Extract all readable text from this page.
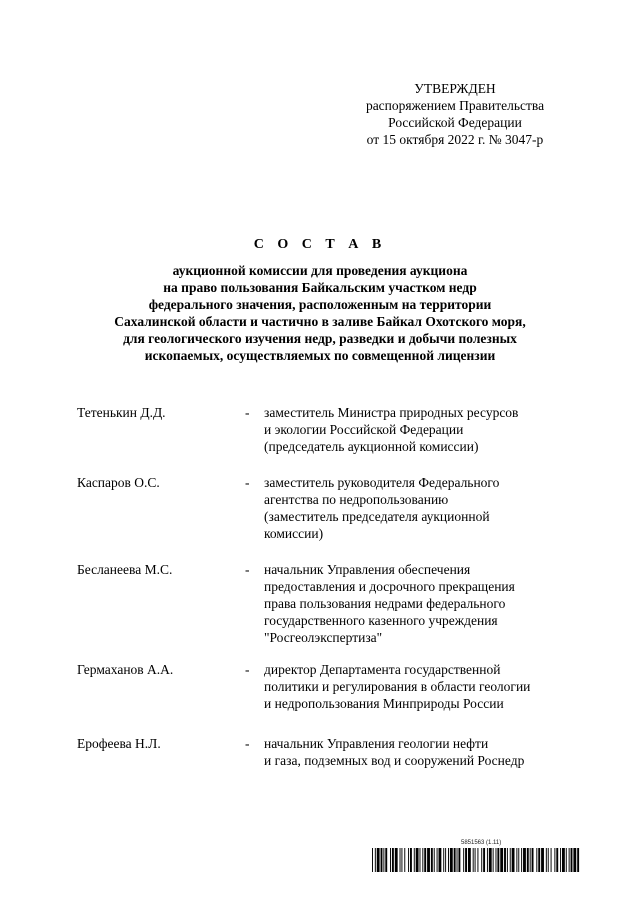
УТВЕРЖДЕН
распоряжением Правительства
Российской Федерации
от 15 октября 2022 г. № 3047-р
С О С Т А В
аукционной комиссии для проведения аукциона
на право пользования Байкальским участком недр
федерального значения, расположенным на территории
Сахалинской области и частично в заливе Байкал Охотского моря,
для геологического изучения недр, разведки и добычи полезных
ископаемых, осуществляемых по совмещенной лицензии
Тетенькин Д.Д.	- заместитель Министра природных ресурсов
и экологии Российской Федерации
(председатель аукционной комиссии)
Каспаров О.С.	- заместитель руководителя Федерального
агентства по недропользованию
(заместитель председателя аукционной
комиссии)
Бесланеева М.С.	- начальник Управления обеспечения
предоставления и досрочного прекращения
права пользования недрами федерального
государственного казенного учреждения
"Росгеолэкспертиза"
Гермаханов А.А.	- директор Департамента государственной
политики и регулирования в области геологии
и недропользования Минприроды России
Ерофеева Н.Л.	- начальник Управления геологии нефти
и газа, подземных вод и сооружений Роснедр
5851563 (1.11)
